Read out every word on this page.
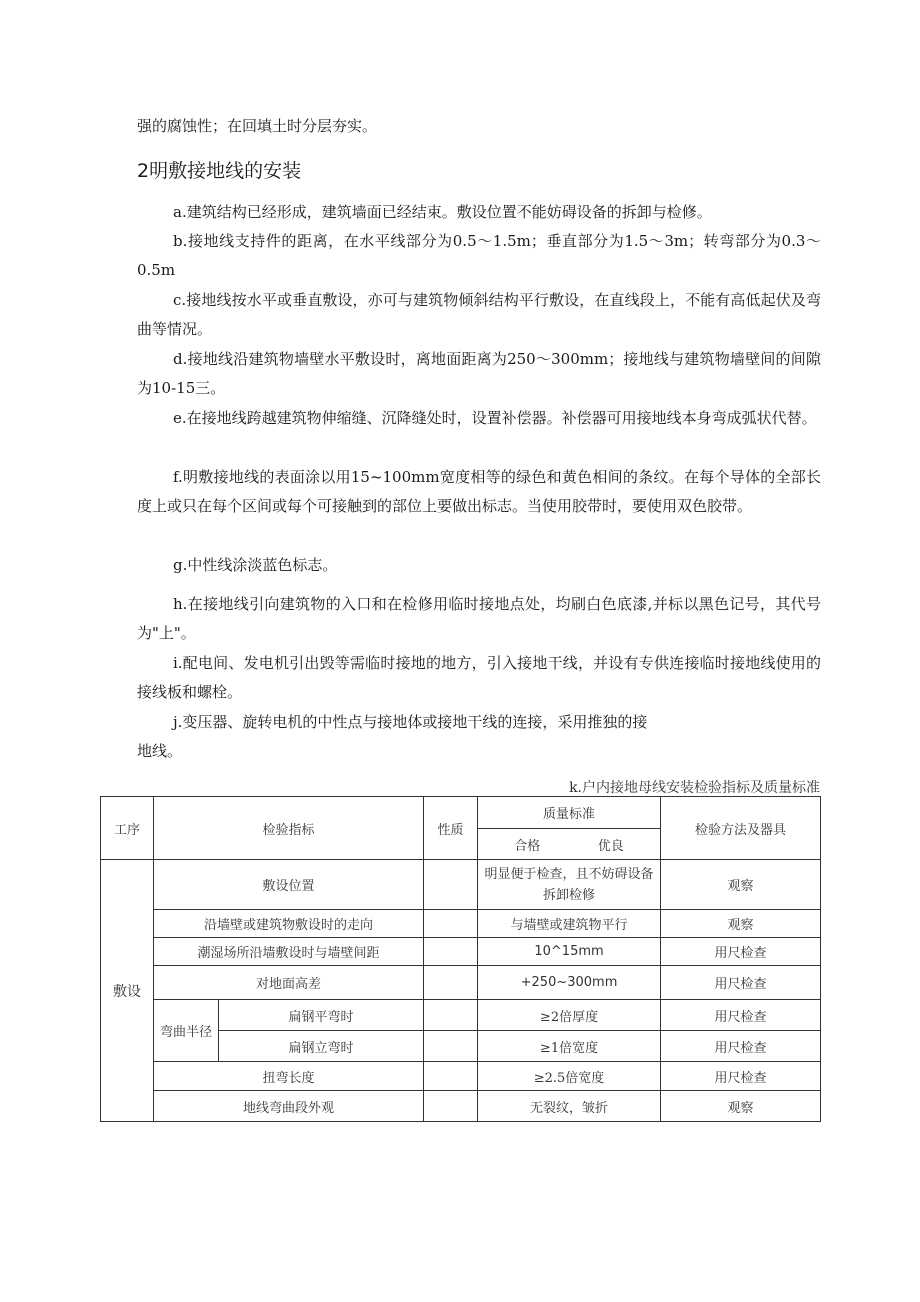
强的腐蚀性；在回填土时分层夯实。

2明敷接地线的安装

a.建筑结构已经形成，建筑墙面已经结束。敷设位置不能妨碍设备的拆卸与检修。

b.接地线支持件的距离，在水平线部分为0.5～1.5m；垂直部分为1.5～3m；转弯部分为0.3～0.5m

c.接地线按水平或垂直敷设，亦可与建筑物倾斜结构平行敷设，在直线段上，不能有高低起伏及弯曲等情况。

d.接地线沿建筑物墙壁水平敷设时，离地面距离为250～300mm；接地线与建筑物墙壁间的间隙为10-15三。

e.在接地线跨越建筑物伸缩缝、沉降缝处时，设置补偿器。补偿器可用接地线本身弯成弧状代替。

f.明敷接地线的表面涂以用15~100mm宽度相等的绿色和黄色相间的条纹。在每个导体的全部长度上或只在每个区间或每个可接触到的部位上要做出标志。当使用胶带时，要使用双色胶带。

g.中性线涂淡蓝色标志。

h.在接地线引向建筑物的入口和在检修用临时接地点处，均刷白色底漆,并标以黑色记号，其代号为"上"。

i.配电间、发电机引出毁等需临时接地的地方，引入接地干线，并设有专供连接临时接地线使用的接线板和螺栓。

j.变压器、旋转电机的中性点与接地体或接地干线的连接，采用推独的接

地线。

k.户内接地母线安装检验指标及质量标准

工序	检验指标		性质	质量标准	检验方法及器具
				合格 优良	
敷设	敷设位置			明显便于检查，且不妨碍设备拆卸检修	观察
	沿墙壁或建筑物敷设时的走向			与墙壁或建筑物平行	观察
	潮湿场所沿墙敷设时与墙壁间距			10^15mm	用尺检查
	对地面高差			+250~300mm	用尺检查
	弯曲半径	扁钢平弯时		≥2倍厚度	用尺检查
		扁钢立弯时		≥1倍宽度	用尺检查
	扭弯长度			≥2.5倍宽度	用尺检查
	地线弯曲段外观			无裂纹，皱折	观察
